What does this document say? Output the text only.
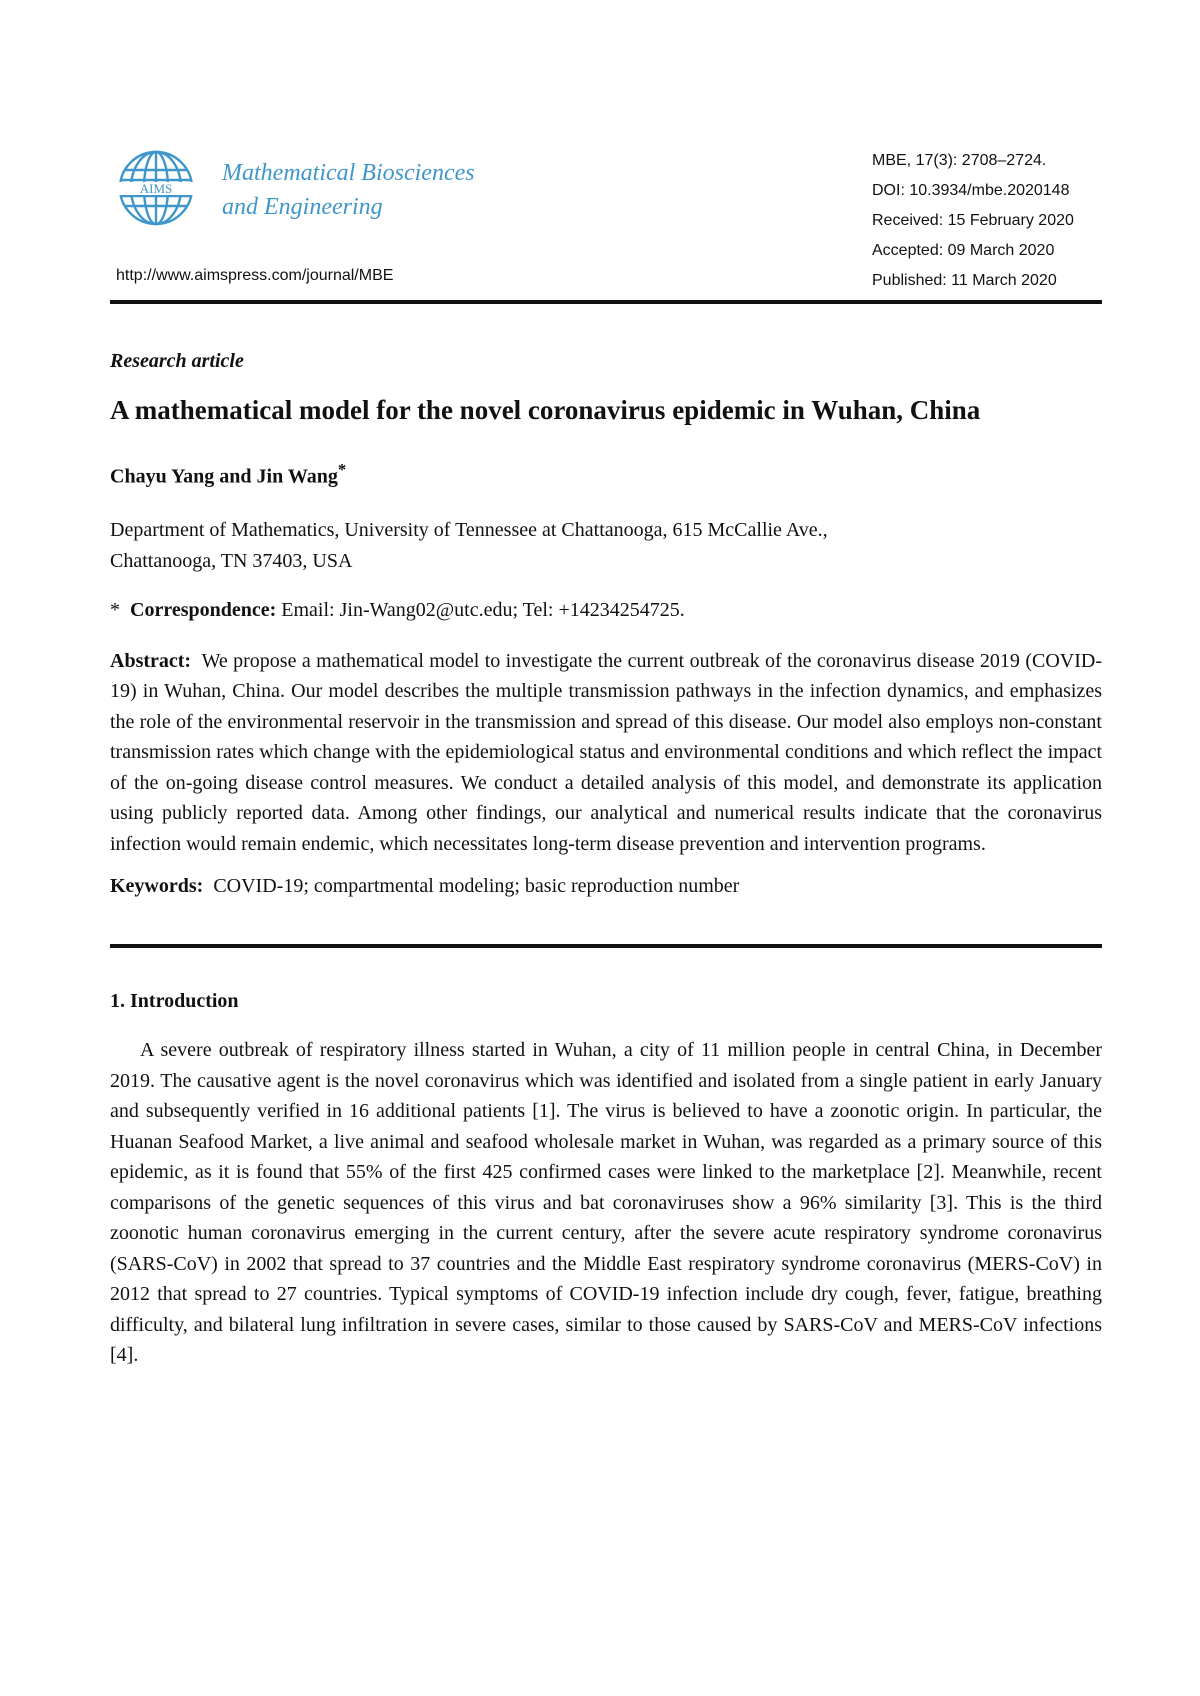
AIMS
Mathematical Biosciences
and Engineering
http://www.aimspress.com/journal/MBE
MBE, 17(3): 2708–2724.
DOI: 10.3934/mbe.2020148
Received: 15 February 2020
Accepted: 09 March 2020
Published: 11 March 2020
Research article
A mathematical model for the novel coronavirus epidemic in Wuhan, China
Chayu Yang and Jin Wang*
Department of Mathematics, University of Tennessee at Chattanooga, 615 McCallie Ave.,
Chattanooga, TN 37403, USA
* Correspondence: Email: Jin-Wang02@utc.edu; Tel: +14234254725.
Abstract: We propose a mathematical model to investigate the current outbreak of the coronavirus disease 2019 (COVID-19) in Wuhan, China. Our model describes the multiple transmission pathways in the infection dynamics, and emphasizes the role of the environmental reservoir in the transmission and spread of this disease. Our model also employs non-constant transmission rates which change with the epidemiological status and environmental conditions and which reflect the impact of the on-going disease control measures. We conduct a detailed analysis of this model, and demonstrate its application using publicly reported data. Among other findings, our analytical and numerical results indicate that the coronavirus infection would remain endemic, which necessitates long-term disease prevention and intervention programs.
Keywords: COVID-19; compartmental modeling; basic reproduction number
1. Introduction
A severe outbreak of respiratory illness started in Wuhan, a city of 11 million people in central China, in December 2019. The causative agent is the novel coronavirus which was identified and isolated from a single patient in early January and subsequently verified in 16 additional patients [1]. The virus is believed to have a zoonotic origin. In particular, the Huanan Seafood Market, a live animal and seafood wholesale market in Wuhan, was regarded as a primary source of this epidemic, as it is found that 55% of the first 425 confirmed cases were linked to the marketplace [2]. Meanwhile, recent comparisons of the genetic sequences of this virus and bat coronaviruses show a 96% similarity [3]. This is the third zoonotic human coronavirus emerging in the current century, after the severe acute respiratory syndrome coronavirus (SARS-CoV) in 2002 that spread to 37 countries and the Middle East respiratory syndrome coronavirus (MERS-CoV) in 2012 that spread to 27 countries. Typical symptoms of COVID-19 infection include dry cough, fever, fatigue, breathing difficulty, and bilateral lung infiltration in severe cases, similar to those caused by SARS-CoV and MERS-CoV infections [4].
